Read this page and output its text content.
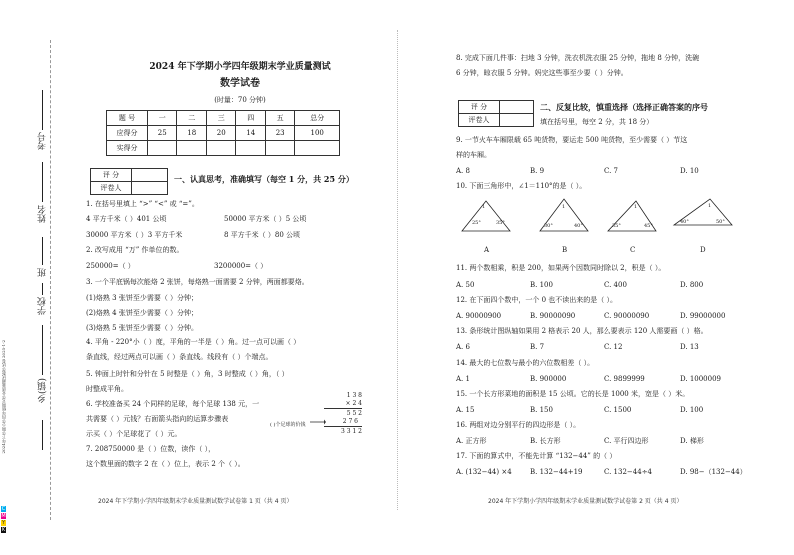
C
M
Y
K
2024年下学期小学四年级期末学业质量测试数学试卷 2025-1-2
考号
姓名
班
学校
乡(镇)
2024 年下学期小学四年级期末学业质量测试
数学试卷
(时量：70 分钟)
题 号	一	二	三	四	五	总分
应得分	25	18	20	14	23	100
实得分						
评 分	
评卷人	
一、认真思考，准确填写（每空 1 分，共 25 分）
1. 在括号里填上 “>” “<” 或 “=”。
4 平方千米（ ）401 公顷	50000 平方米（ ）5 公顷
30000 平方米（ ）3 平方千米	8 平方千米（ ）80 公顷
2. 改写成用 “万” 作单位的数。
250000=（ ）	3200000=（ ）
3. 一个平底锅每次能烙 2 张饼，每烙熟一面需要 2 分钟，两面都要烙。
(1)烙熟 3 张饼至少需要（ ）分钟；
(2)烙熟 4 张饼至少需要（ ）分钟；
(3)烙熟 5 张饼至少需要（ ）分钟。
4. 平角 - 220°小（ ）度，平角的一半是（ ）角。过一点可以画（ ）
条直线，经过两点可以画（ ）条直线。线段有（ ）个端点。
5. 钟面上时针和分针在 5 时整是（ ）角，3 时整成（ ）角，（ ）
时整成平角。
6. 学校准备买 24 个同样的足球，每个足球 138 元，一
共需要（ ）元钱？右面箭头指向的运算步骤表
示买（ ）个足球花了（ ）元。
1 3 8
× 2 4
5 5 2
2 7 6
3 3 1 2
( )个足球的价钱
7. 208750000 是（ ）位数，读作（ ），
这个数里面的数字 2 在（ ）位上，表示 2 个（ ）。
2024 年下学期小学四年级期末学业质量测试数学试卷第 1 页（共 4 页）
8. 完成下面几件事：扫地 3 分钟，洗衣机洗衣服 25 分钟，拖地 8 分钟，洗碗
6 分钟，晾衣服 5 分钟。妈完这些事至少要（ ）分钟。
评 分	
评卷人	
二、反复比较，慎重选择（选择正确答案的序号
填在括号里，每空 2 分，共 18 分）
9. 一节火车车厢限载 65 吨货物，要运走 500 吨货物，至少需要（ ）节这
样的车厢。
A. 8	B. 9	C. 7	D. 10
10. 下面三角形中，∠1＝110°的是（ ）。
1
25°	35°
1
30°	40°
1
35°	45°
1
40°	50°
A	B	C	D
11. 两个数相乘，积是 200，如果两个因数同时除以 2，积是（ ）。
A. 50	B. 100	C. 400	D. 800
12. 在下面四个数中，一个 0 也不读出来的是（ ）。
A. 90000900	B. 90000090	C. 90000090	D. 99000000
13. 条形统计图纵轴如果用 2 格表示 20 人，那么要表示 120 人需要画（ ）格。
A. 6	B. 7	C. 12	D. 13
14. 最大的七位数与最小的六位数相差（ ）。
A. 1	B. 900000	C. 9899999	D. 1000009
15. 一个长方形菜地的面积是 15 公顷。它的长是 1000 米，宽是（ ）米。
A. 15	B. 150	C. 1500	D. 100
16. 两组对边分别平行的四边形是（ ）。
A. 正方形	B. 长方形	C. 平行四边形	D. 梯形
17. 下面的算式中，不能先计算 “132−44” 的（ ）
A. (132−44) ×4	B. 132−44+19	C. 132−44÷4	D. 98−（132−44）
2024 年下学期小学四年级期末学业质量测试数学试卷第 2 页（共 4 页）
